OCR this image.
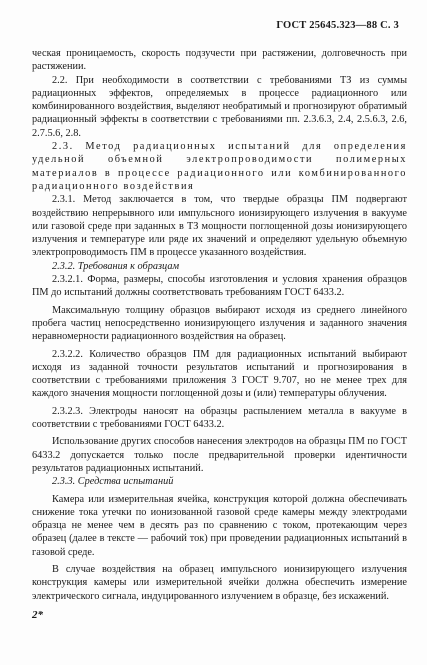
ГОСТ 25645.323—88 С. 3

ческая проницаемость, скорость подзучести при растяжении, долговечность при растяжении.

2.2. При необходимости в соответствии с требованиями ТЗ из суммы радиационных эффектов, определяемых в процессе радиационного или комбинированного воздействия, выделяют необратимый и прогнозируют обратимый радиационный эффекты в соответствии с требованиями пп. 2.3.6.3, 2.4, 2.5.6.3, 2.6, 2.7.5.6, 2.8.

2.3. Метод радиационных испытаний для определения удельной объемной электропроводимости полимерных материалов в процессе радиационного или комбинированного радиационного воздействия

2.3.1. Метод заключается в том, что твердые образцы ПМ подвергают воздействию непрерывного или импульсного ионизирующего излучения в вакууме или газовой среде при заданных в ТЗ мощности поглощенной дозы ионизирующего излучения и температуре или ряде их значений и определяют удельную объемную электропроводимость ПМ в процессе указанного воздействия.

2.3.2. Требования к образцам

2.3.2.1. Форма, размеры, способы изготовления и условия хранения образцов ПМ до испытаний должны соответствовать требованиям ГОСТ 6433.2.

Максимальную толщину образцов выбирают исходя из среднего линейного пробега частиц непосредственно ионизирующего излучения и заданного значения неравномерности радиационного воздействия на образец.

2.3.2.2. Количество образцов ПМ для радиационных испытаний выбирают исходя из заданной точности результатов испытаний и прогнозирования в соответствии с требованиями приложения 3 ГОСТ 9.707, но не менее трех для каждого значения мощности поглощенной дозы и (или) температуры облучения.

2.3.2.3. Электроды наносят на образцы распылением металла в вакууме в соответствии с требованиями ГОСТ 6433.2.

Использование других способов нанесения электродов на образцы ПМ по ГОСТ 6433.2 допускается только после предварительной проверки идентичности результатов радиационных испытаний.

2.3.3. Средства испытаний

Камера или измерительная ячейка, конструкция которой должна обеспечивать снижение тока утечки по ионизованной газовой среде камеры между электродами образца не менее чем в десять раз по сравнению с током, протекающим через образец (далее в тексте — рабочий ток) при проведении радиационных испытаний в газовой среде.

В случае воздействия на образец импульсного ионизирующего излучения конструкция камеры или измерительной ячейки должна обеспечить измерение электрического сигнала, индуцированного излучением в образце, без искажений.

2*
